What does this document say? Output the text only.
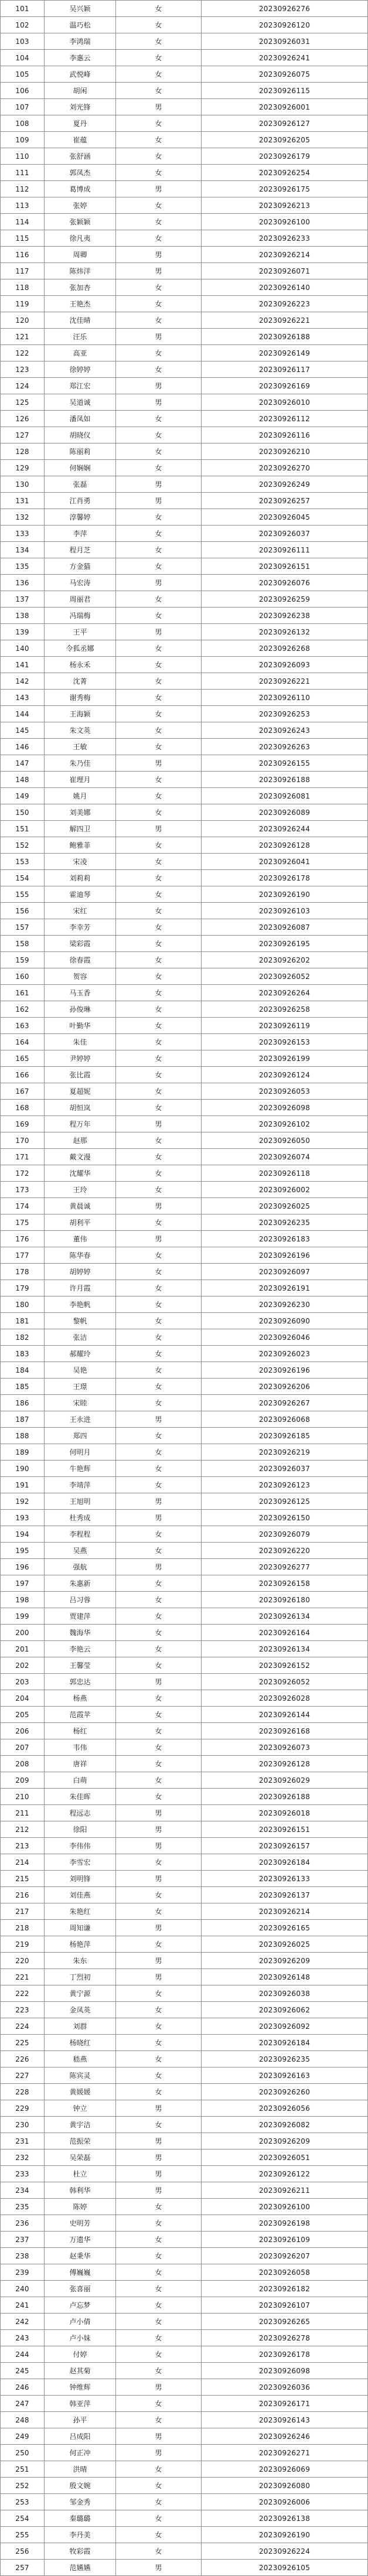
101	吴兴颖	女	20230926276
102	温巧松	女	20230926120
103	李鸿瑞	女	20230926031
104	李惠云	女	20230926241
105	武悦峰	女	20230926075
106	胡闲	女	20230926115
107	刘光锋	男	20230926001
108	夏丹	女	20230926127
109	崔蕴	女	20230926205
110	张舒涵	女	20230926179
111	郭凤杰	女	20230926254
112	葛博成	男	20230926175
113	张婷	女	20230926213
114	张颖颖	女	20230926100
115	徐凡夷	女	20230926233
116	周卿	男	20230926214
117	陈炜洋	男	20230926071
118	张加杏	女	20230926140
119	王艳杰	女	20230926223
120	沈佳晴	女	20230926221
121	汪乐	男	20230926188
122	高亚	女	20230926149
123	徐婷婷	女	20230926117
124	郑江宏	男	20230926169
125	吴道诚	男	20230926010
126	潘凤如	女	20230926112
127	胡晓仪	女	20230926116
128	陈丽莉	女	20230926210
129	何娴娴	女	20230926270
130	张磊	男	20230926249
131	江肖勇	男	20230926257
132	淳馨婷	女	20230926045
133	李萍	女	20230926037
134	程月芝	女	20230926111
135	方金猫	女	20230926151
136	马宏涛	男	20230926076
137	周丽君	女	20230926259
138	冯瑞梅	女	20230926238
139	王平	男	20230926132
140	令狐丞娜	女	20230926268
141	杨永禾	女	20230926093
142	沈菁	女	20230926221
143	谢秀梅	女	20230926110
144	王海颖	女	20230926253
145	朱文英	女	20230926243
146	王敏	女	20230926263
147	朱乃佳	男	20230926155
148	崔理月	女	20230926188
149	姚月	女	20230926081
150	刘美娜	女	20230926089
151	解四卫	男	20230926244
152	鲍雅菲	女	20230926128
153	宋凌	女	20230926041
154	刘莉莉	女	20230926178
155	霍迪琴	女	20230926190
156	宋红	女	20230926103
157	李幸芳	女	20230926087
158	梁彩霞	女	20230926195
159	徐春霞	女	20230926202
160	贺容	女	20230926052
161	马玉香	女	20230926264
162	孙俊琳	女	20230926258
163	叶勤华	女	20230926119
164	朱佳	女	20230926153
165	尹婷婷	女	20230926199
166	张比霞	女	20230926124
167	夏超妮	女	20230926053
168	胡恒岚	女	20230926098
169	程万年	男	20230926102
170	赵那	女	20230926050
171	戴文漫	女	20230926074
172	沈耀华	女	20230926118
173	王玲	女	20230926002
174	黄晨诚	男	20230926025
175	胡利平	女	20230926235
176	董伟	男	20230926183
177	陈华春	女	20230926196
178	胡婷婷	女	20230926097
179	许月霞	女	20230926191
180	李艳帆	女	20230926230
181	黎帆	女	20230926090
182	张洁	女	20230926046
183	郝耀玲	女	20230926023
184	吴艳	女	20230926196
185	王璟	女	20230926206
186	宋睦	女	20230926267
187	王永进	男	20230926068
188	郑四	女	20230926185
189	何明月	女	20230926219
190	牛艳辉	女	20230926037
191	李靖萍	女	20230926123
192	王旭明	男	20230926125
193	杜秀成	男	20230926150
194	李程程	女	20230926079
195	吴燕	女	20230926220
196	强航	男	20230926277
197	朱惠新	女	20230926158
198	吕习蓉	女	20230926180
199	贾建萍	女	20230926134
200	魏海华	女	20230926164
201	李艳云	女	20230926134
202	王馨莹	女	20230926152
203	郭忠达	男	20230926052
204	杨燕	女	20230926028
205	范霞苹	女	20230926144
206	杨红	女	20230926168
207	韦伟	女	20230926073
208	唐祥	女	20230926128
209	白萌	女	20230926029
210	朱佳晖	女	20230926188
211	程远志	男	20230926018
212	徐阳	男	20230926151
213	李伟伟	男	20230926157
214	李雪宏	女	20230926184
215	刘明锋	男	20230926133
216	刘佳燕	女	20230926137
217	朱艳红	女	20230926214
218	周知谦	男	20230926165
219	杨艳萍	女	20230926025
220	朱东	男	20230926209
221	丁烈初	男	20230926148
222	黄宁源	女	20230926038
223	金凤英	女	20230926062
224	刘群	女	20230926092
225	杨晓红	女	20230926184
226	嵇燕	女	20230926235
227	陈宾灵	女	20230926163
228	黄媛媛	女	20230926260
229	钟立	男	20230926056
230	黄宇洁	女	20230926082
231	范振荣	男	20230926209
232	吴荣磊	男	20230926051
233	杜立	男	20230926122
234	韩利华	男	20230926211
235	陈婷	女	20230926100
236	史明芳	女	20230926198
237	万遗华	女	20230926109
238	赵秉华	女	20230926207
239	傅巍巍	女	20230926058
240	张喜丽	女	20230926182
241	卢忘梦	女	20230926107
242	卢小倩	女	20230926265
243	卢小妹	女	20230926278
244	付婷	女	20230926178
245	赵其菊	女	20230926098
246	钟维辉	男	20230926036
247	韩亚萍	女	20230926171
248	孙平	女	20230926143
249	吕成阳	男	20230926246
250	何正冲	男	20230926271
251	洪晴	女	20230926069
252	殷文婉	女	20230926080
253	邹金秀	女	20230926006
254	秦璐璐	女	20230926138
255	李丹美	女	20230926190
256	牧彩霞	女	20230926224
257	范嬿嬿	男	20230926105
